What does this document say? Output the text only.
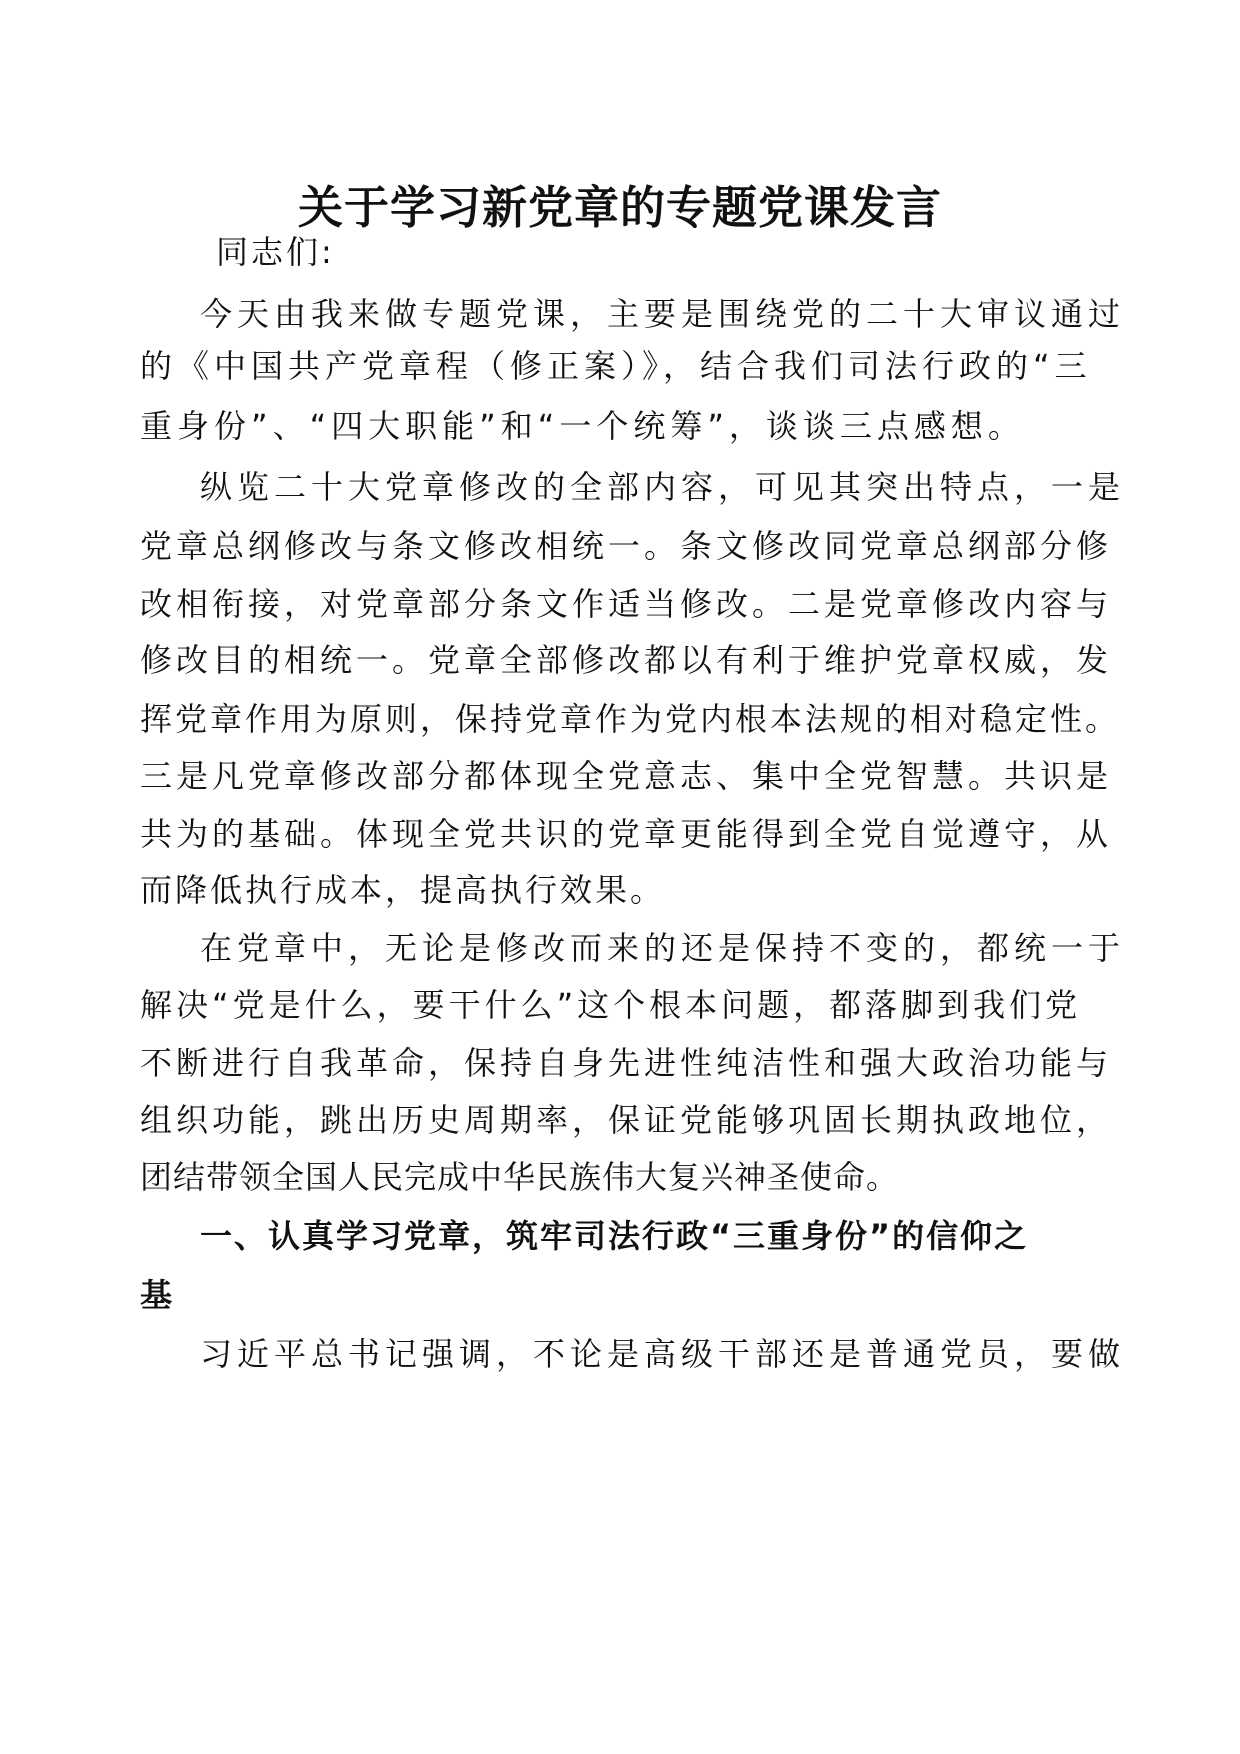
关于学习新党章的专题党课发言
同志们:
今天由我来做专题党课，主要是围绕党的二十大审议通过
的《中国共产党章程（修正案）》，结合我们司法行政的“三
重身份”、“四大职能”和“一个统筹”，谈谈三点感想。
纵览二十大党章修改的全部内容，可见其突出特点，一是
党章总纲修改与条文修改相统一。条文修改同党章总纲部分修
改相衔接，对党章部分条文作适当修改。二是党章修改内容与
修改目的相统一。党章全部修改都以有利于维护党章权威，发
挥党章作用为原则，保持党章作为党内根本法规的相对稳定性。
三是凡党章修改部分都体现全党意志、集中全党智慧。共识是
共为的基础。体现全党共识的党章更能得到全党自觉遵守，从
而降低执行成本，提高执行效果。
在党章中，无论是修改而来的还是保持不变的，都统一于
解决“党是什么，要干什么”这个根本问题，都落脚到我们党
不断进行自我革命，保持自身先进性纯洁性和强大政治功能与
组织功能，跳出历史周期率，保证党能够巩固长期执政地位，
团结带领全国人民完成中华民族伟大复兴神圣使命。
一、认真学习党章，筑牢司法行政“三重身份”的信仰之
基
习近平总书记强调，不论是高级干部还是普通党员，要做
